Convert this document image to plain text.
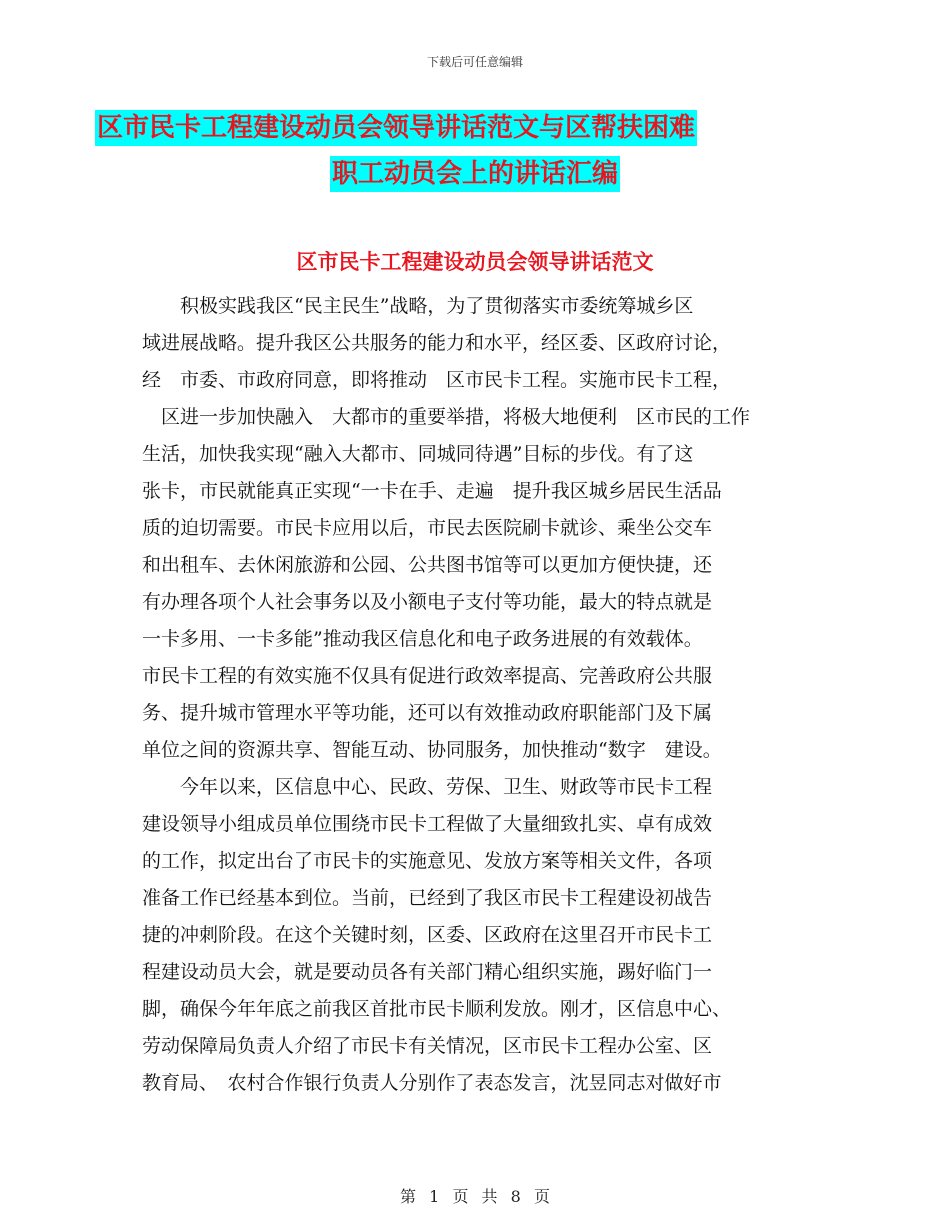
下载后可任意编辑
区市民卡工程建设动员会领导讲话范文与区帮扶困难
职工动员会上的讲话汇编
区市民卡工程建设动员会领导讲话范文
　　积极实践我区“民主民生”战略，为了贯彻落实市委统筹城乡区
域进展战略。提升我区公共服务的能力和水平，经区委、区政府讨论，
经　市委、市政府同意，即将推动　区市民卡工程。实施市民卡工程，
　区进一步加快融入　大都市的重要举措，将极大地便利　区市民的工作
生活，加快我实现“融入大都市、同城同待遇”目标的步伐。有了这
张卡，市民就能真正实现“一卡在手、走遍　提升我区城乡居民生活品
质的迫切需要。市民卡应用以后，市民去医院刷卡就诊、乘坐公交车
和出租车、去休闲旅游和公园、公共图书馆等可以更加方便快捷，还
有办理各项个人社会事务以及小额电子支付等功能，最大的特点就是
一卡多用、一卡多能”推动我区信息化和电子政务进展的有效载体。
市民卡工程的有效实施不仅具有促进行政效率提高、完善政府公共服
务、提升城市管理水平等功能，还可以有效推动政府职能部门及下属
单位之间的资源共享、智能互动、协同服务，加快推动“数字　建设。
　　今年以来，区信息中心、民政、劳保、卫生、财政等市民卡工程
建设领导小组成员单位围绕市民卡工程做了大量细致扎实、卓有成效
的工作，拟定出台了市民卡的实施意见、发放方案等相关文件，各项
准备工作已经基本到位。当前，已经到了我区市民卡工程建设初战告
捷的冲刺阶段。在这个关键时刻，区委、区政府在这里召开市民卡工
程建设动员大会，就是要动员各有关部门精心组织实施，踢好临门一
脚，确保今年年底之前我区首批市民卡顺利发放。刚才，区信息中心、
劳动保障局负责人介绍了市民卡有关情况，区市民卡工程办公室、区
教育局、　农村合作银行负责人分别作了表态发言，沈昱同志对做好市
第 1 页 共 8 页
